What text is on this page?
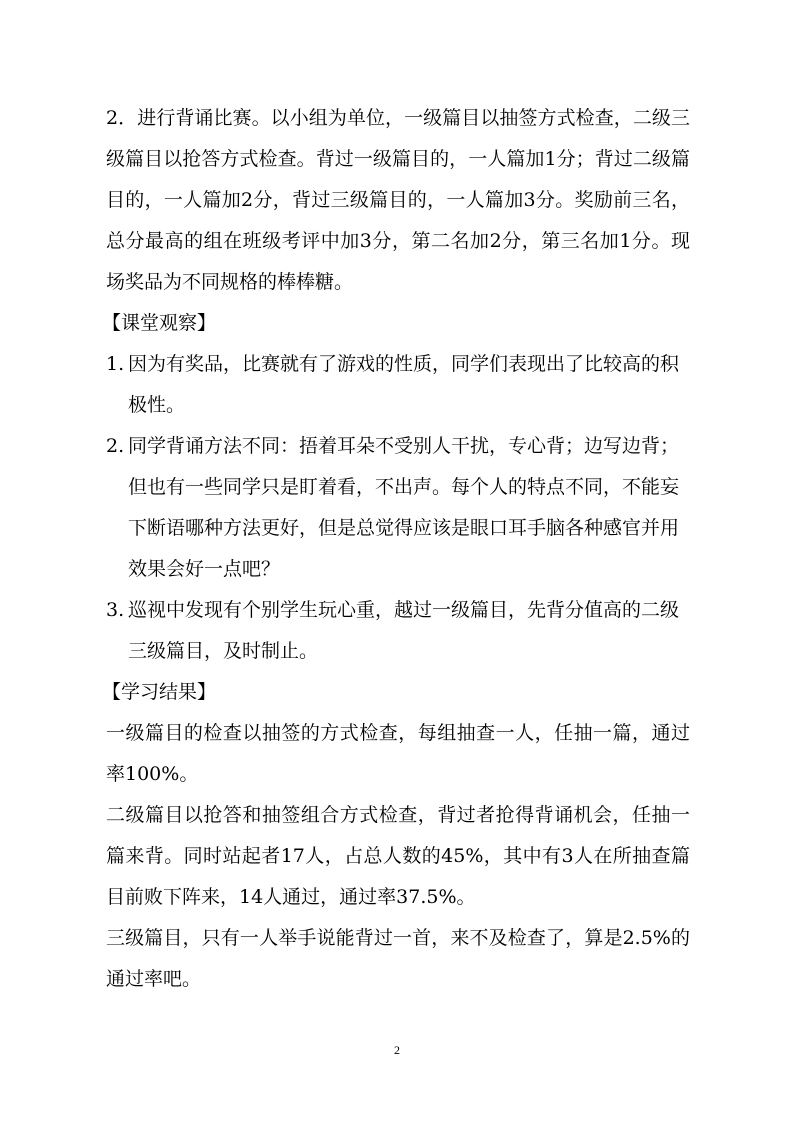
2．进行背诵比赛。以小组为单位，一级篇目以抽签方式检查，二级三级篇目以抢答方式检查。背过一级篇目的，一人篇加1分；背过二级篇目的，一人篇加2分，背过三级篇目的，一人篇加3分。奖励前三名，总分最高的组在班级考评中加3分，第二名加2分，第三名加1分。现场奖品为不同规格的棒棒糖。

【课堂观察】

1. 因为有奖品，比赛就有了游戏的性质，同学们表现出了比较高的积极性。
2. 同学背诵方法不同：捂着耳朵不受别人干扰，专心背；边写边背；但也有一些同学只是盯着看，不出声。每个人的特点不同，不能妄下断语哪种方法更好，但是总觉得应该是眼口耳手脑各种感官并用效果会好一点吧？
3. 巡视中发现有个别学生玩心重，越过一级篇目，先背分值高的二级三级篇目，及时制止。

【学习结果】

一级篇目的检查以抽签的方式检查，每组抽查一人，任抽一篇，通过率100%。

二级篇目以抢答和抽签组合方式检查，背过者抢得背诵机会，任抽一篇来背。同时站起者17人，占总人数的45%，其中有3人在所抽查篇目前败下阵来，14人通过，通过率37.5%。

三级篇目，只有一人举手说能背过一首，来不及检查了，算是2.5%的通过率吧。

2
